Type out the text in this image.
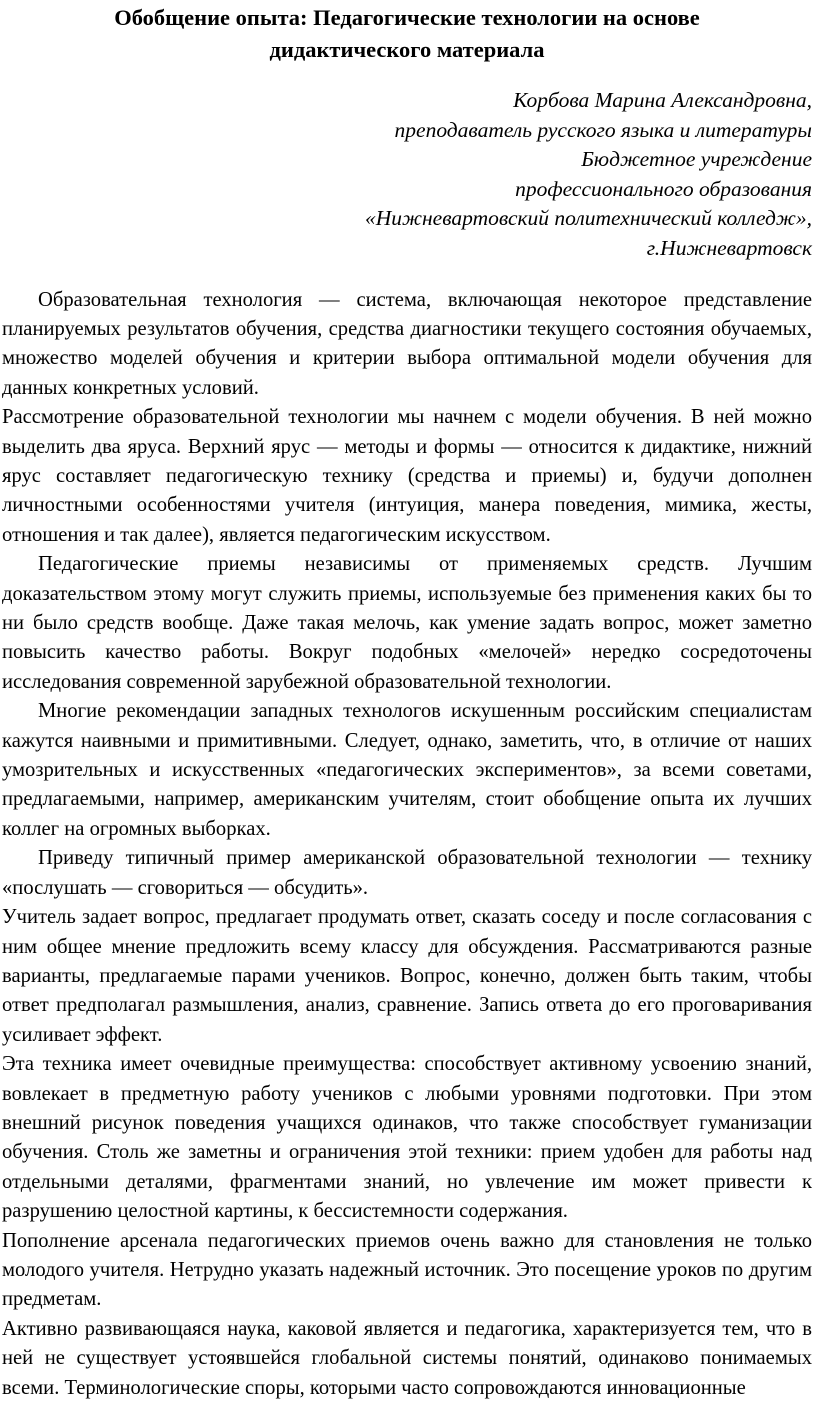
Обобщение опыта: Педагогические технологии на основе
дидактического материала
Корбова Марина Александровна,
преподаватель русского языка и литературы
Бюджетное учреждение
профессионального образования
«Нижневартовский политехнический колледж»,
г.Нижневартовск

Образовательная технология — система, включающая некоторое представление планируемых результатов обучения, средства диагностики текущего состояния обучаемых, множество моделей обучения и критерии выбора оптимальной модели обучения для данных конкретных условий.

Рассмотрение образовательной технологии мы начнем с модели обучения. В ней можно выделить два яруса. Верхний ярус — методы и формы — относится к дидактике, нижний ярус составляет педагогическую технику (средства и приемы) и, будучи дополнен личностными особенностями учителя (интуиция, манера поведения, мимика, жесты, отношения и так далее), является педагогическим искусством.

Педагогические приемы независимы от применяемых средств. Лучшим доказательством этому могут служить приемы, используемые без применения каких бы то ни было средств вообще. Даже такая мелочь, как умение задать вопрос, может заметно повысить качество работы. Вокруг подобных «мелочей» нередко сосредоточены исследования современной зарубежной образовательной технологии.

Многие рекомендации западных технологов искушенным российским специалистам кажутся наивными и примитивными. Следует, однако, заметить, что, в отличие от наших умозрительных и искусственных «педагогических экспериментов», за всеми советами, предлагаемыми, например, американским учителям, стоит обобщение опыта их лучших коллег на огромных выборках.

Приведу типичный пример американской образовательной технологии — технику «послушать — сговориться — обсудить».

Учитель задает вопрос, предлагает продумать ответ, сказать соседу и после согласования с ним общее мнение предложить всему классу для обсуждения. Рассматриваются разные варианты, предлагаемые парами учеников. Вопрос, конечно, должен быть таким, чтобы ответ предполагал размышления, анализ, сравнение. Запись ответа до его проговаривания усиливает эффект.

Эта техника имеет очевидные преимущества: способствует активному усвоению знаний, вовлекает в предметную работу учеников с любыми уровнями подготовки. При этом внешний рисунок поведения учащихся одинаков, что также способствует гуманизации обучения. Столь же заметны и ограничения этой техники: прием удобен для работы над отдельными деталями, фрагментами знаний, но увлечение им может привести к разрушению целостной картины, к бессистемности содержания.

Пополнение арсенала педагогических приемов очень важно для становления не только молодого учителя. Нетрудно указать надежный источник. Это посещение уроков по другим предметам.

Активно развивающаяся наука, каковой является и педагогика, характеризуется тем, что в ней не существует устоявшейся глобальной системы понятий, одинаково понимаемых всеми. Терминологические споры, которыми часто сопровождаются инновационные
